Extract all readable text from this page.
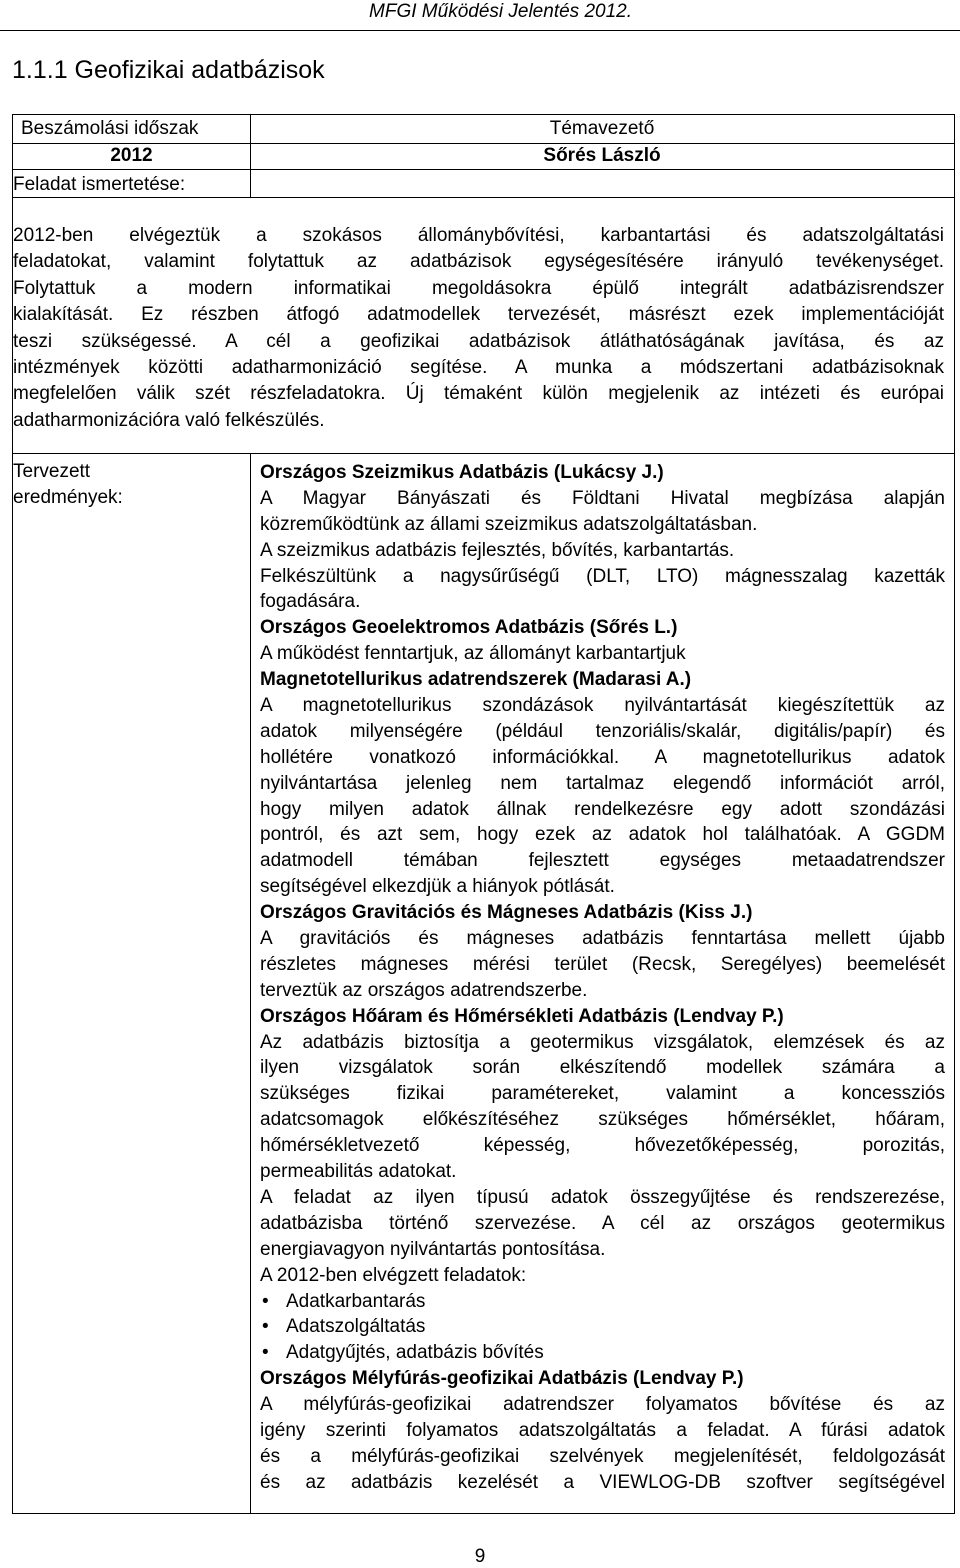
MFGI Működési Jelentés 2012.
1.1.1 Geofizikai adatbázisok
Beszámolási időszak
2012
Témavezető
Sőrés László
Feladat ismertetése:
2012-ben elvégeztük a szokásos állománybővítési, karbantartási és adatszolgáltatási
feladatokat, valamint folytattuk az adatbázisok egységesítésére irányuló tevékenységet.
Folytattuk a modern informatikai megoldásokra épülő integrált adatbázisrendszer
kialakítását. Ez részben átfogó adatmodellek tervezését, másrészt ezek implementációját
teszi szükségessé. A cél a geofizikai adatbázisok átláthatóságának javítása, és az
intézmények közötti adatharmonizáció segítése. A munka a módszertani adatbázisoknak
megfelelően válik szét részfeladatokra. Új témaként külön megjelenik az intézeti és európai
adatharmonizációra való felkészülés.
Tervezett
eredmények:
Országos Szeizmikus Adatbázis (Lukácsy J.)
A Magyar Bányászati és Földtani Hivatal megbízása alapján
közreműködtünk az állami szeizmikus adatszolgáltatásban.
A szeizmikus adatbázis fejlesztés, bővítés, karbantartás.
Felkészültünk a nagysűrűségű (DLT, LTO) mágnesszalag kazetták
fogadására.
Országos Geoelektromos Adatbázis (Sőrés L.)
A működést fenntartjuk, az állományt karbantartjuk
Magnetotellurikus adatrendszerek (Madarasi A.)
A magnetotellurikus szondázások nyilvántartását kiegészítettük az
adatok milyenségére (például tenzoriális/skalár, digitális/papír) és
hollétére vonatkozó információkkal. A magnetotellurikus adatok
nyilvántartása jelenleg nem tartalmaz elegendő információt arról,
hogy milyen adatok állnak rendelkezésre egy adott szondázási
pontról, és azt sem, hogy ezek az adatok hol találhatóak. A GGDM
adatmodell témában fejlesztett egységes metaadatrendszer
segítségével elkezdjük a hiányok pótlását.
Országos Gravitációs és Mágneses Adatbázis (Kiss J.)
A gravitációs és mágneses adatbázis fenntartása mellett újabb
részletes mágneses mérési terület (Recsk, Seregélyes) beemelését
terveztük az országos adatrendszerbe.
Országos Hőáram és Hőmérsékleti Adatbázis (Lendvay P.)
Az adatbázis biztosítja a geotermikus vizsgálatok, elemzések és az
ilyen vizsgálatok során elkészítendő modellek számára a
szükséges fizikai paramétereket, valamint a koncessziós
adatcsomagok előkészítéséhez szükséges hőmérséklet, hőáram,
hőmérsékletvezető képesség, hővezetőképesség, porozitás,
permeabilitás adatokat.
A feladat az ilyen típusú adatok összegyűjtése és rendszerezése,
adatbázisba történő szervezése. A cél az országos geotermikus
energiavagyon nyilvántartás pontosítása.
A 2012-ben elvégzett feladatok:
• Adatkarbantarás
• Adatszolgáltatás
• Adatgyűjtés, adatbázis bővítés
Országos Mélyfúrás-geofizikai Adatbázis (Lendvay P.)
A mélyfúrás-geofizikai adatrendszer folyamatos bővítése és az
igény szerinti folyamatos adatszolgáltatás a feladat. A fúrási adatok
és a mélyfúrás-geofizikai szelvények megjelenítését, feldolgozását
és az adatbázis kezelését a VIEWLOG-DB szoftver segítségével
9
